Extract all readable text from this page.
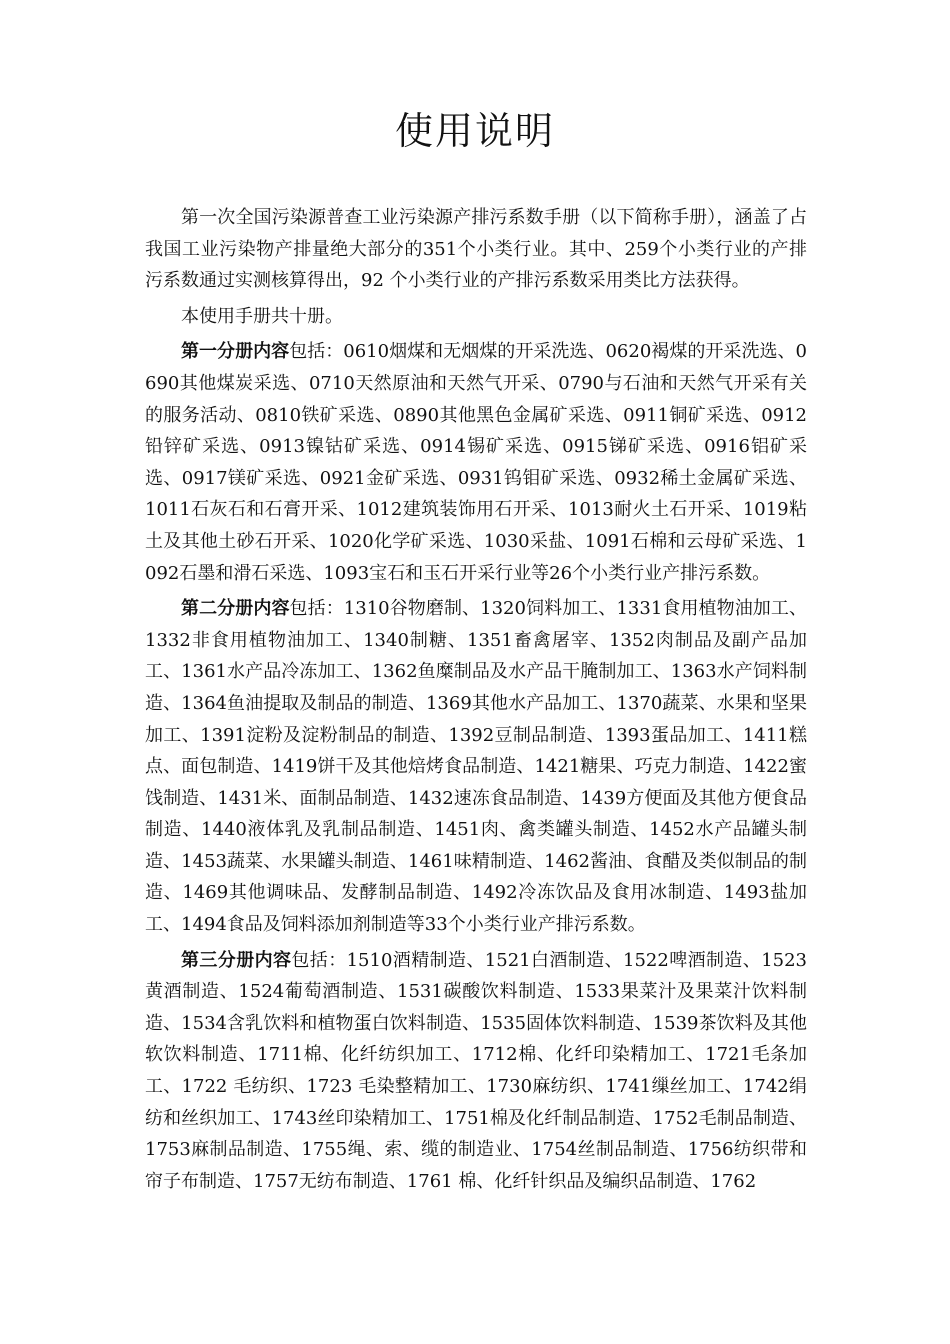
使用说明

第一次全国污染源普查工业污染源产排污系数手册（以下简称手册），涵盖了占我国工业污染物产排量绝大部分的351个小类行业。其中、259个小类行业的产排污系数通过实测核算得出，92 个小类行业的产排污系数采用类比方法获得。

本使用手册共十册。

第一分册内容包括：0610烟煤和无烟煤的开采洗选、0620褐煤的开采洗选、0690其他煤炭采选、0710天然原油和天然气开采、0790与石油和天然气开采有关的服务活动、0810铁矿采选、0890其他黑色金属矿采选、0911铜矿采选、0912铅锌矿采选、0913镍钴矿采选、0914锡矿采选、0915锑矿采选、0916铝矿采选、0917镁矿采选、0921金矿采选、0931钨钼矿采选、0932稀土金属矿采选、1011石灰石和石膏开采、1012建筑装饰用石开采、1013耐火土石开采、1019粘土及其他土砂石开采、1020化学矿采选、1030采盐、1091石棉和云母矿采选、1092石墨和滑石采选、1093宝石和玉石开采行业等26个小类行业产排污系数。

第二分册内容包括：1310谷物磨制、1320饲料加工、1331食用植物油加工、1332非食用植物油加工、1340制糖、1351畜禽屠宰、1352肉制品及副产品加工、1361水产品冷冻加工、1362鱼糜制品及水产品干腌制加工、1363水产饲料制造、1364鱼油提取及制品的制造、1369其他水产品加工、1370蔬菜、水果和坚果加工、1391淀粉及淀粉制品的制造、1392豆制品制造、1393蛋品加工、1411糕点、面包制造、1419饼干及其他焙烤食品制造、1421糖果、巧克力制造、1422蜜饯制造、1431米、面制品制造、1432速冻食品制造、1439方便面及其他方便食品制造、1440液体乳及乳制品制造、1451肉、禽类罐头制造、1452水产品罐头制造、1453蔬菜、水果罐头制造、1461味精制造、1462酱油、食醋及类似制品的制造、1469其他调味品、发酵制品制造、1492冷冻饮品及食用冰制造、1493盐加工、1494食品及饲料添加剂制造等33个小类行业产排污系数。

第三分册内容包括：1510酒精制造、1521白酒制造、1522啤酒制造、1523黄酒制造、1524葡萄酒制造、1531碳酸饮料制造、1533果菜汁及果菜汁饮料制造、1534含乳饮料和植物蛋白饮料制造、1535固体饮料制造、1539茶饮料及其他软饮料制造、1711棉、化纤纺织加工、1712棉、化纤印染精加工、1721毛条加工、1722 毛纺织、1723 毛染整精加工、1730麻纺织、1741缫丝加工、1742绢纺和丝织加工、1743丝印染精加工、1751棉及化纤制品制造、1752毛制品制造、1753麻制品制造、1755绳、索、缆的制造业、1754丝制品制造、1756纺织带和帘子布制造、1757无纺布制造、1761 棉、化纤针织品及编织品制造、1762
